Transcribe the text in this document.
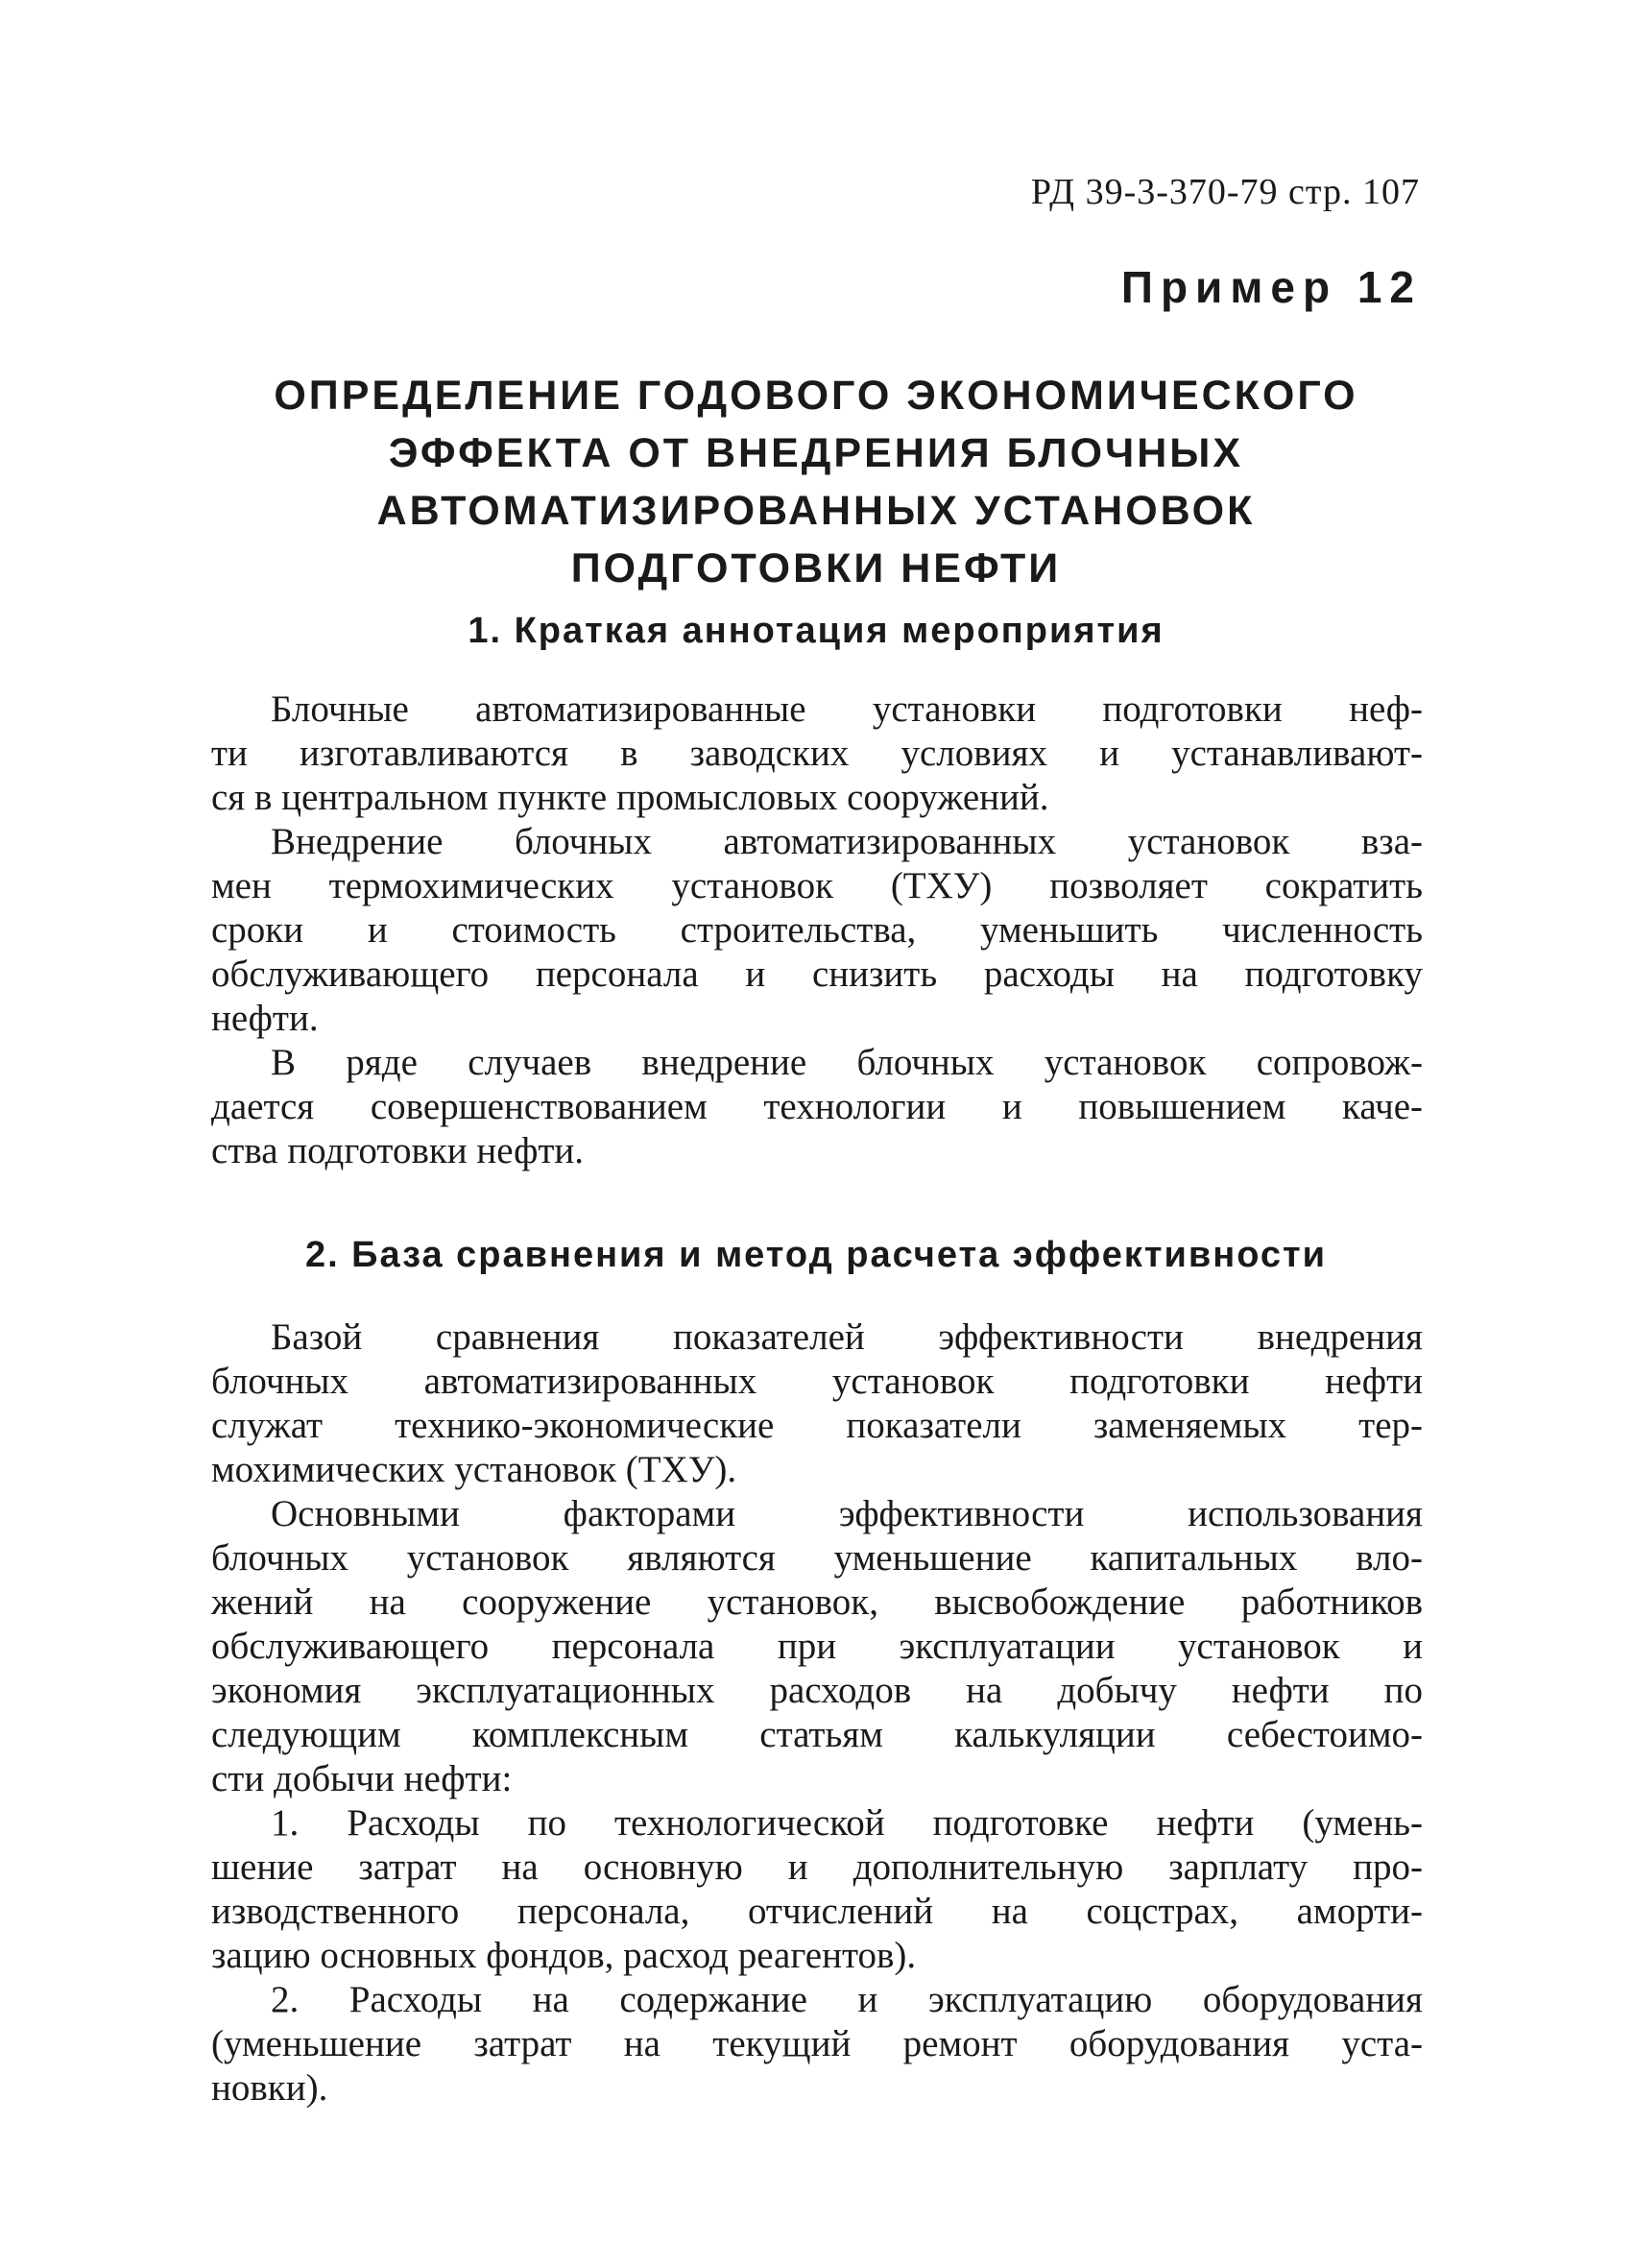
РД 39-3-370-79 стр. 107
Пример 12
ОПРЕДЕЛЕНИЕ ГОДОВОГО ЭКОНОМИЧЕСКОГО
ЭФФЕКТА ОТ ВНЕДРЕНИЯ БЛОЧНЫХ
АВТОМАТИЗИРОВАННЫХ УСТАНОВОК
ПОДГОТОВКИ НЕФТИ
1. Краткая аннотация мероприятия
Блочные автоматизированные установки подготовки неф-
ти изготавливаются в заводских условиях и устанавливают-
ся в центральном пункте промысловых сооружений.
Внедрение блочных автоматизированных установок вза-
мен термохимических установок (ТХУ) позволяет сократить
сроки и стоимость строительства, уменьшить численность
обслуживающего персонала и снизить расходы на подготовку
нефти.
В ряде случаев внедрение блочных установок сопровож-
дается совершенствованием технологии и повышением каче-
ства подготовки нефти.
2. База сравнения и метод расчета эффективности
Базой сравнения показателей эффективности внедрения
блочных автоматизированных установок подготовки нефти
служат технико-экономические показатели заменяемых тер-
мохимических установок (ТХУ).
Основными факторами эффективности использования
блочных установок являются уменьшение капитальных вло-
жений на сооружение установок, высвобождение работников
обслуживающего персонала при эксплуатации установок и
экономия эксплуатационных расходов на добычу нефти по
следующим комплексным статьям калькуляции себестоимо-
сти добычи нефти:
1. Расходы по технологической подготовке нефти (умень-
шение затрат на основную и дополнительную зарплату про-
изводственного персонала, отчислений на соцстрах, аморти-
зацию основных фондов, расход реагентов).
2. Расходы на содержание и эксплуатацию оборудования
(уменьшение затрат на текущий ремонт оборудования уста-
новки).
